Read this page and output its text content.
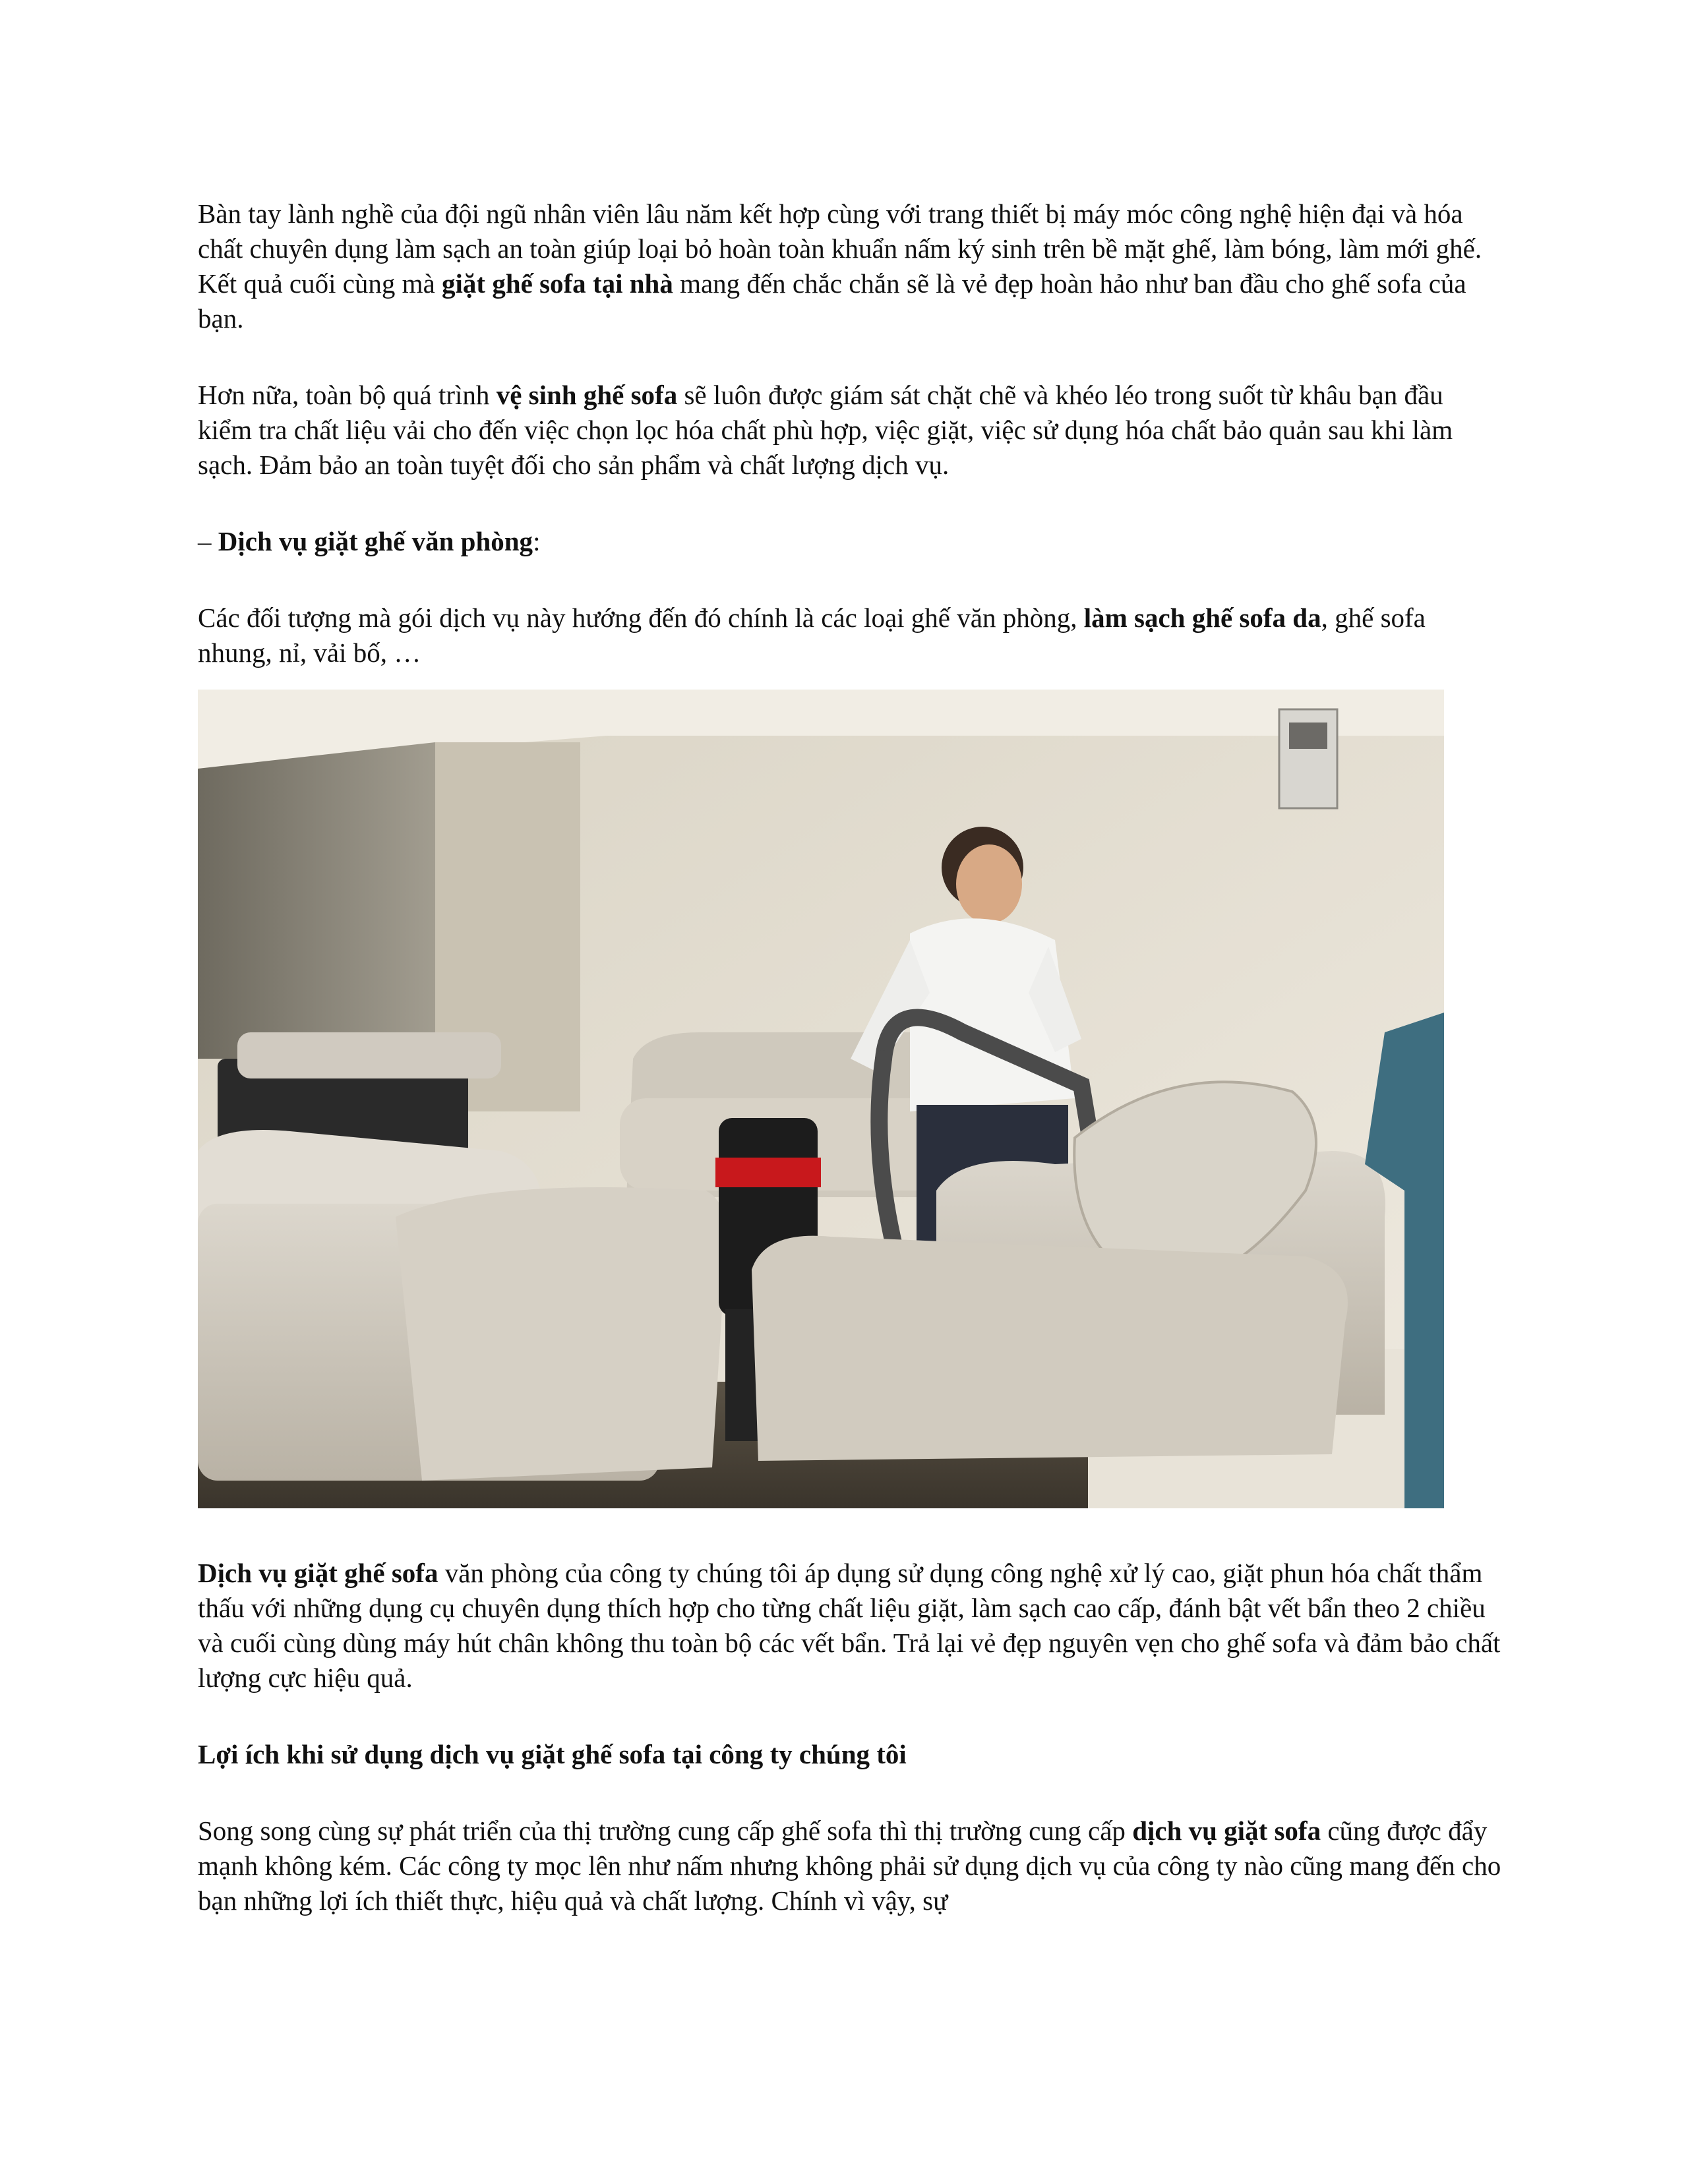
Bàn tay lành nghề của đội ngũ nhân viên lâu năm kết hợp cùng với trang thiết bị máy móc công nghệ hiện đại và hóa chất chuyên dụng làm sạch an toàn giúp loại bỏ hoàn toàn khuẩn nấm ký sinh trên bề mặt ghế, làm bóng, làm mới ghế. Kết quả cuối cùng mà giặt ghế sofa tại nhà mang đến chắc chắn sẽ là vẻ đẹp hoàn hảo như ban đầu cho ghế sofa của bạn.

Hơn nữa, toàn bộ quá trình vệ sinh ghế sofa sẽ luôn được giám sát chặt chẽ và khéo léo trong suốt từ khâu bạn đầu kiểm tra chất liệu vải cho đến việc chọn lọc hóa chất phù hợp, việc giặt, việc sử dụng hóa chất bảo quản sau khi làm sạch. Đảm bảo an toàn tuyệt đối cho sản phẩm và chất lượng dịch vụ.

– Dịch vụ giặt ghế văn phòng:

Các đối tượng mà gói dịch vụ này hướng đến đó chính là các loại ghế văn phòng, làm sạch ghế sofa da, ghế sofa nhung, nỉ, vải bố, …

Dịch vụ giặt ghế sofa văn phòng của công ty chúng tôi áp dụng sử dụng công nghệ xử lý cao, giặt phun hóa chất thẩm thấu với những dụng cụ chuyên dụng thích hợp cho từng chất liệu giặt, làm sạch cao cấp, đánh bật vết bẩn theo 2 chiều và cuối cùng dùng máy hút chân không thu toàn bộ các vết bẩn. Trả lại vẻ đẹp nguyên vẹn cho ghế sofa và đảm bảo chất lượng cực hiệu quả.

Lợi ích khi sử dụng dịch vụ giặt ghế sofa tại công ty chúng tôi

Song song cùng sự phát triển của thị trường cung cấp ghế sofa thì thị trường cung cấp dịch vụ giặt sofa cũng được đẩy mạnh không kém. Các công ty mọc lên như nấm nhưng không phải sử dụng dịch vụ của công ty nào cũng mang đến cho bạn những lợi ích thiết thực, hiệu quả và chất lượng. Chính vì vậy, sự
